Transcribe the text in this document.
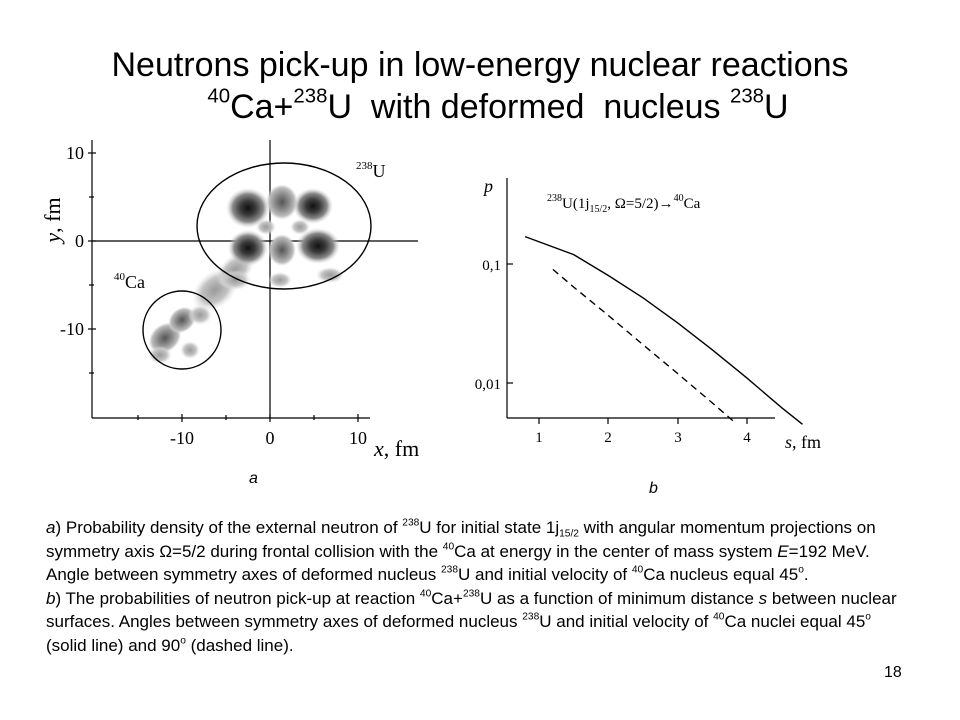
Neutrons pick-up in low-energy nuclear reactions
$^{40}$Ca+$^{238}$U  with deformed  nucleus $^{238}$U
10
0
-10
-10	0	10
y, fm
x, fm
$^{238}$U
$^{40}$Ca
a
p
0,1
0,01
1	2	3	4 s, fm
$^{238}U(1j_{15/2}$, Ω=5/2)→$^{40}$Ca
b

a) Probability density of the external neutron of $^{238}$U for initial state $1j_{15/2}$ with angular momentum projections on symmetry axis Ω=5/2 during frontal collision with the $^{40}$Ca at energy in the center of mass system E=192 MeV. Angle between symmetry axes of deformed nucleus $^{238}$U and initial velocity of $^{40}$Ca nucleus equal 45$^o$.

b) The probabilities of neutron pick-up at reaction $^{40}$Ca+$^{238}$U as a function of minimum distance s between nuclear surfaces. Angles between symmetry axes of deformed nucleus $^{238}$U and initial velocity of $^{40}$Ca nuclei equal 45$^o$ (solid line) and 90$^o$ (dashed line).

18
